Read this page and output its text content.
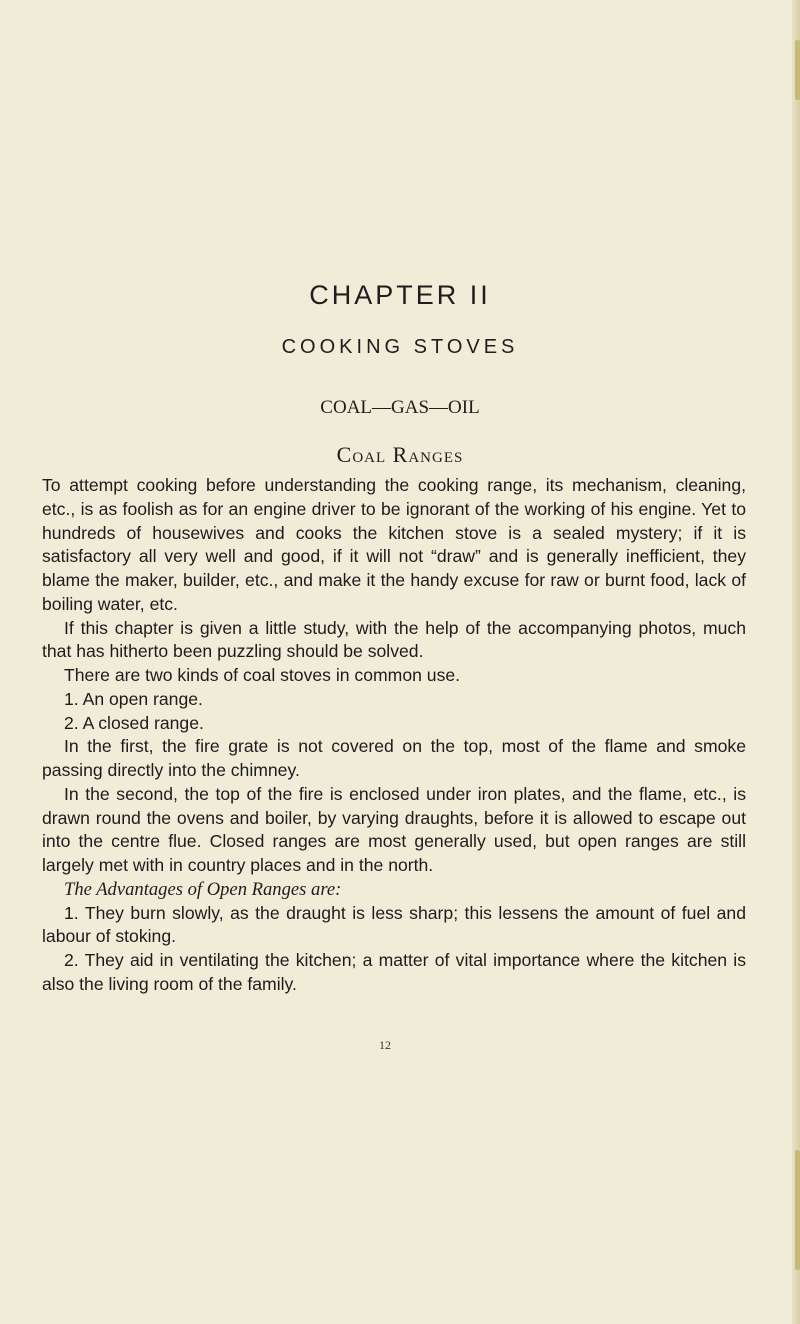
CHAPTER II
COOKING STOVES
COAL—GAS—OIL
Coal Ranges

To attempt cooking before understanding the cooking range, its mechanism, cleaning, etc., is as foolish as for an engine driver to be ignorant of the working of his engine. Yet to hundreds of housewives and cooks the kitchen stove is a sealed mystery; if it is satisfactory all very well and good, if it will not “draw” and is generally inefficient, they blame the maker, builder, etc., and make it the handy excuse for raw or burnt food, lack of boiling water, etc.

If this chapter is given a little study, with the help of the accompanying photos, much that has hitherto been puzzling should be solved.

There are two kinds of coal stoves in common use.

1. An open range.

2. A closed range.

In the first, the fire grate is not covered on the top, most of the flame and smoke passing directly into the chimney.

In the second, the top of the fire is enclosed under iron plates, and the flame, etc., is drawn round the ovens and boiler, by varying draughts, before it is allowed to escape out into the centre flue. Closed ranges are most generally used, but open ranges are still largely met with in country places and in the north.

The Advantages of Open Ranges are:

1. They burn slowly, as the draught is less sharp; this lessens the amount of fuel and labour of stoking.

2. They aid in ventilating the kitchen; a matter of vital importance where the kitchen is also the living room of the family.

12
